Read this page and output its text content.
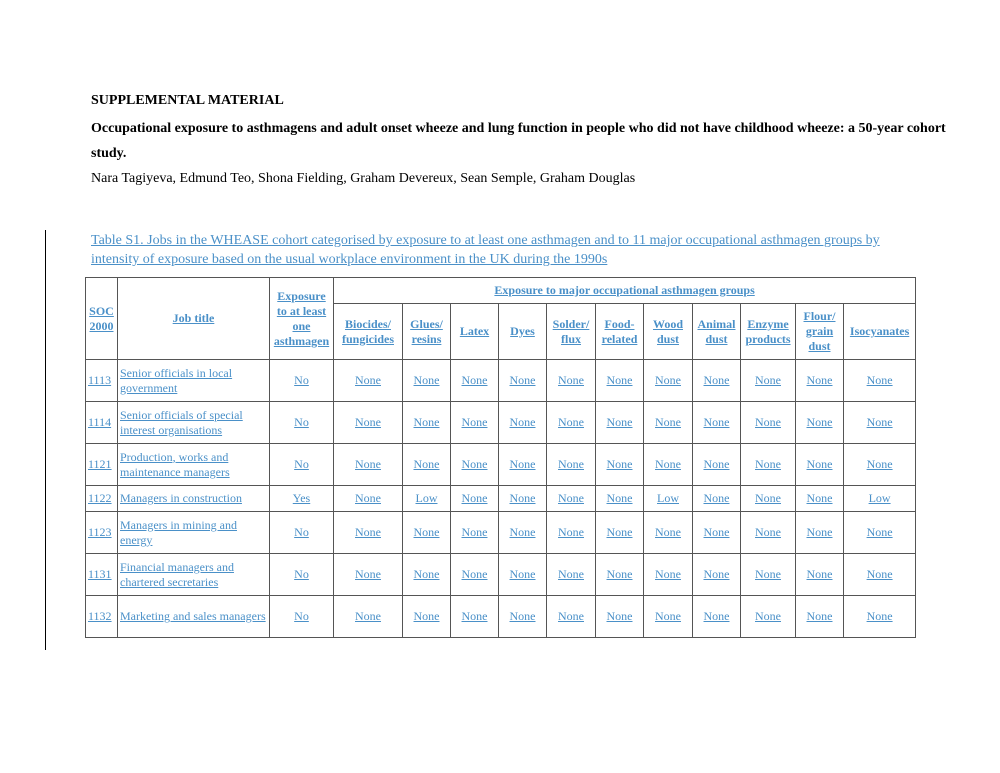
SUPPLEMENTAL MATERIAL

Occupational exposure to asthmagens and adult onset wheeze and lung function in people who did not have childhood wheeze: a 50-year cohort study.

Nara Tagiyeva, Edmund Teo, Shona Fielding, Graham Devereux, Sean Semple, Graham Douglas

Table S1. Jobs in the WHEASE cohort categorised by exposure to at least one asthmagen and to 11 major occupational asthmagen groups by intensity of exposure based on the usual workplace environment in the UK during the 1990s

SOC 2000	Job title	Exposure to at least one asthmagen	Exposure to major occupational asthmagen groups										
			Biocides/ fungicides	Glues/ resins	Latex	Dyes	Solder/ flux	Food-related	Wood dust	Animal dust	Enzyme products	Flour/ grain dust	Isocyanates
1113	Senior officials in local government	No	None	None	None	None	None	None	None	None	None	None	None
1114	Senior officials of special interest organisations	No	None	None	None	None	None	None	None	None	None	None	None
1121	Production, works and maintenance managers	No	None	None	None	None	None	None	None	None	None	None	None
1122	Managers in construction	Yes	None	Low	None	None	None	None	Low	None	None	None	Low
1123	Managers in mining and energy	No	None	None	None	None	None	None	None	None	None	None	None
1131	Financial managers and chartered secretaries	No	None	None	None	None	None	None	None	None	None	None	None
1132	Marketing and sales managers	No	None	None	None	None	None	None	None	None	None	None	None
